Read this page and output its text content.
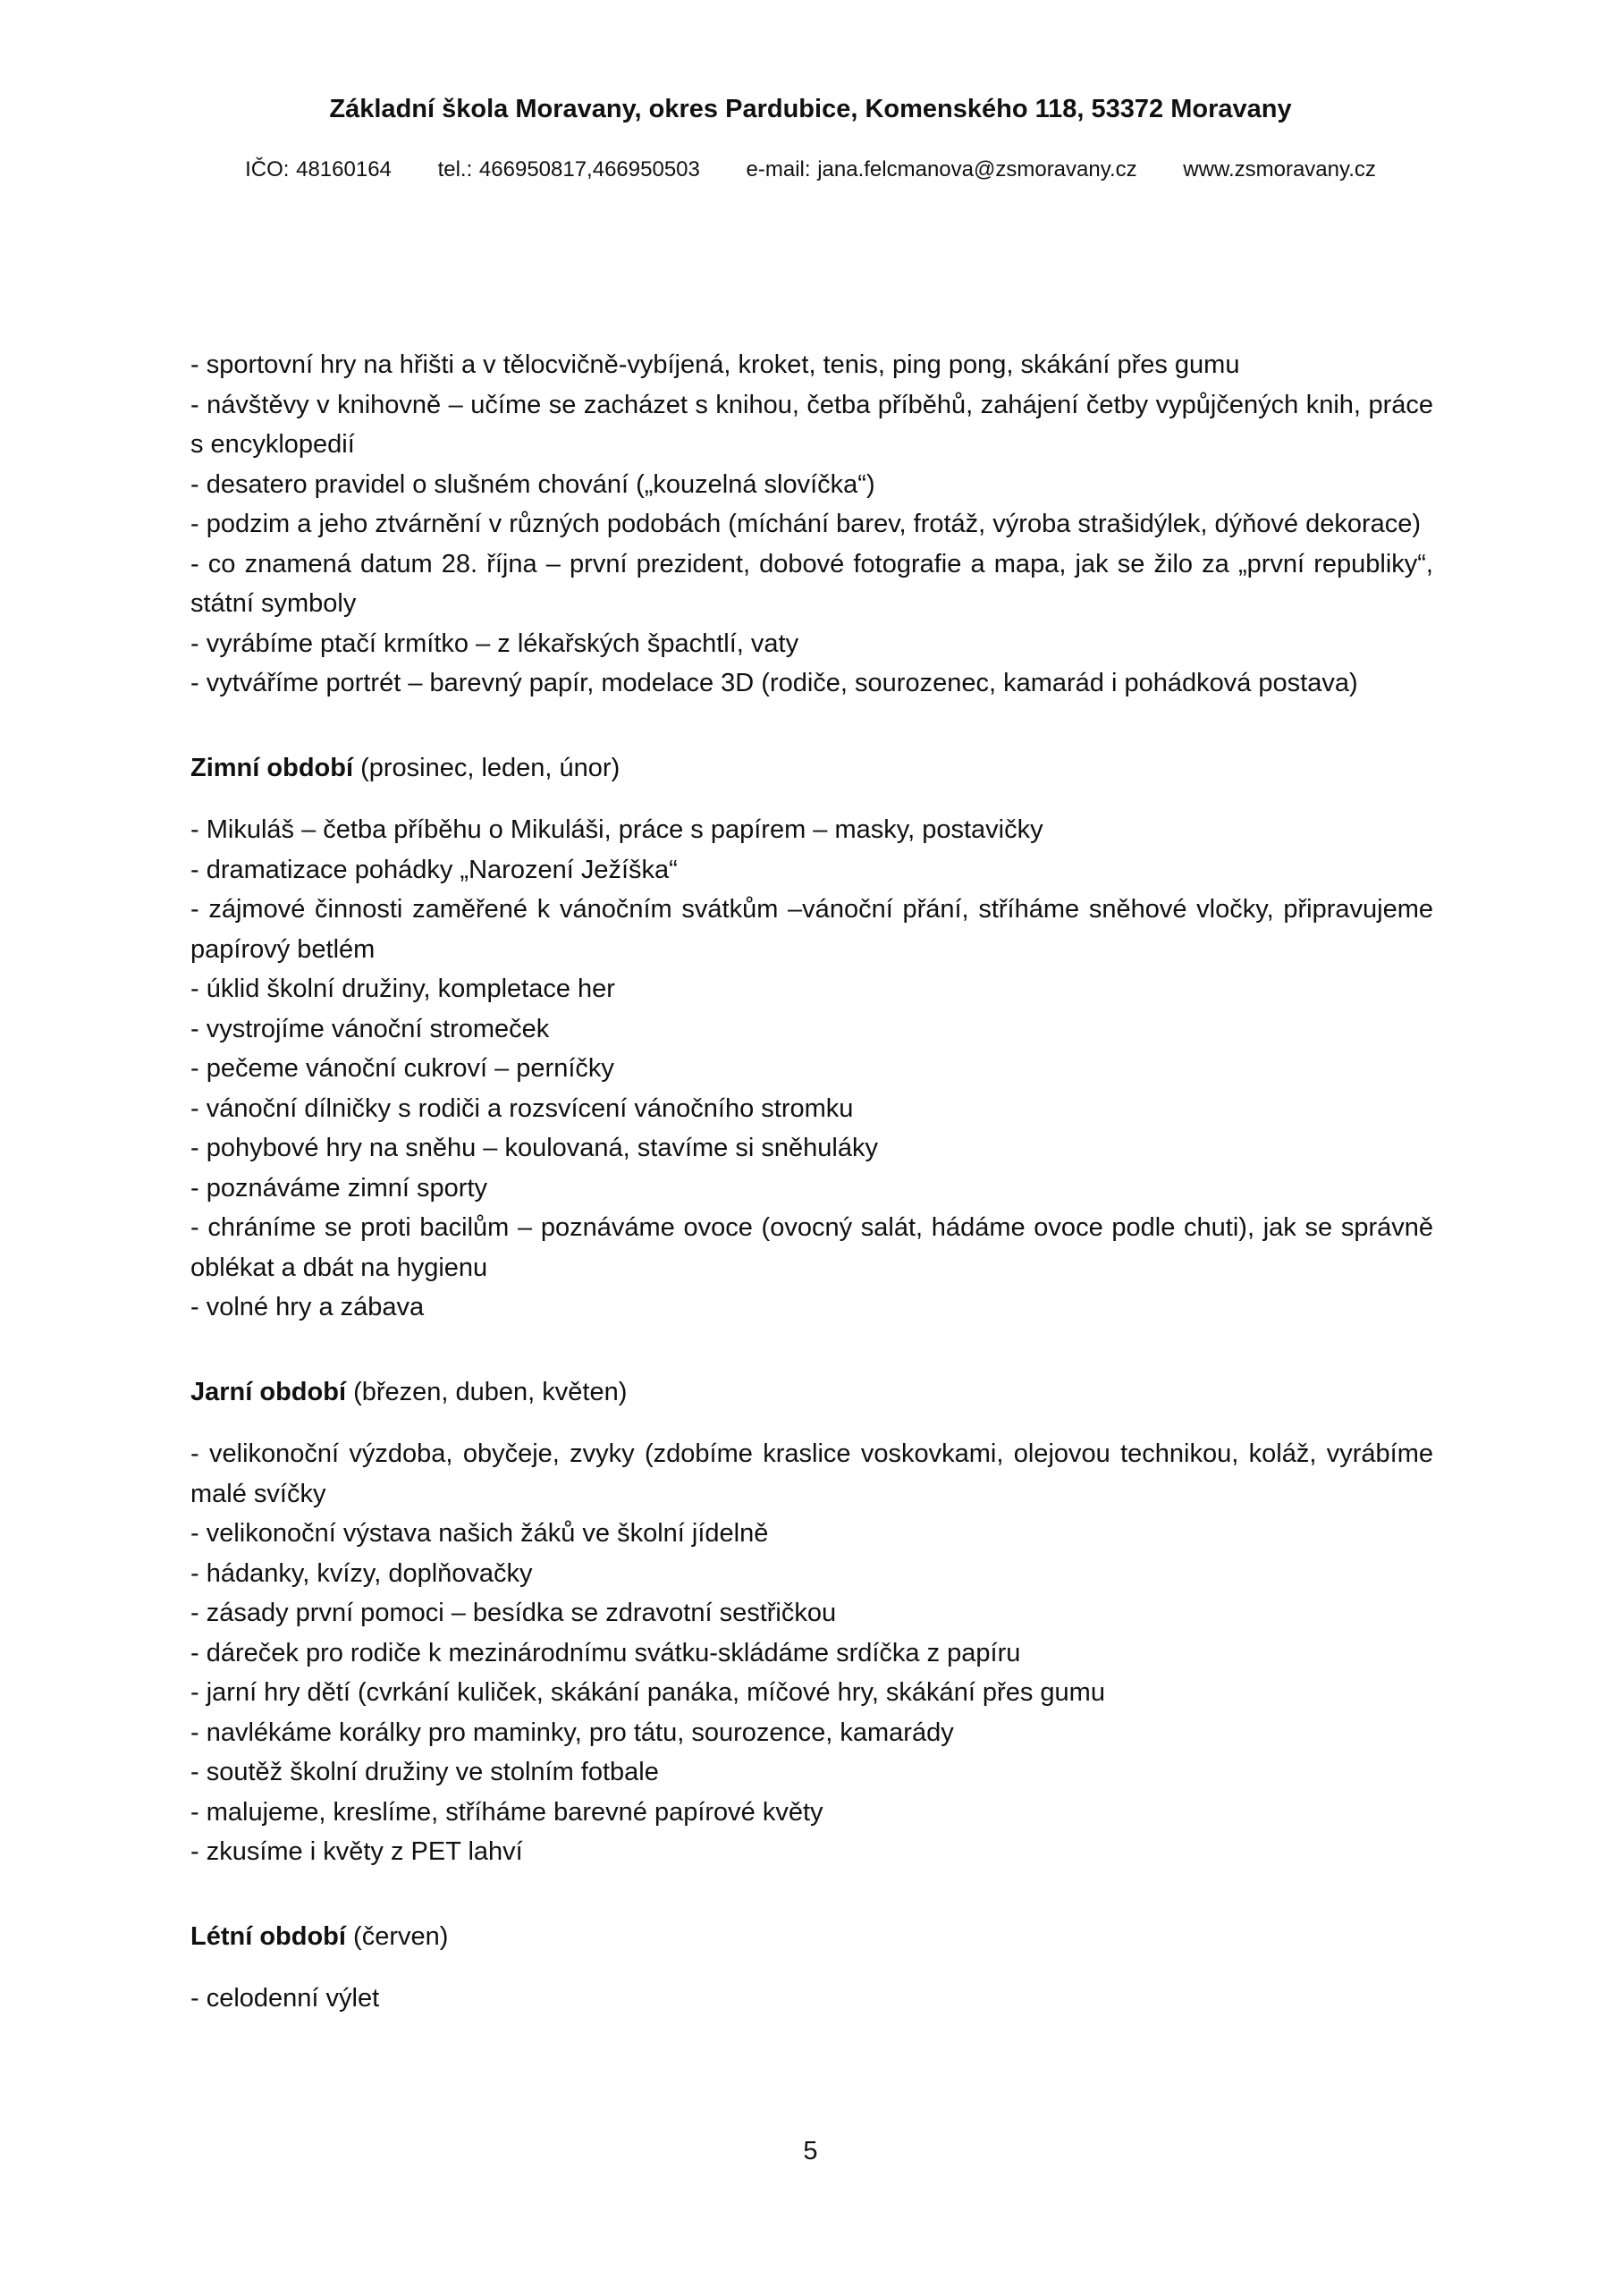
Základní škola Moravany, okres Pardubice, Komenského 118, 53372 Moravany
IČO: 48160164 tel.: 466950817,466950503 e-mail: jana.felcmanova@zsmoravany.cz www.zsmoravany.cz

- sportovní hry na hřišti a v tělocvičně-vybíjená, kroket, tenis, ping pong, skákání přes gumu

- návštěvy v knihovně – učíme se zacházet s knihou, četba příběhů, zahájení četby vypůjčených knih, práce s encyklopedií

- desatero pravidel o slušném chování („kouzelná slovíčka“)

- podzim a jeho ztvárnění v různých podobách (míchání barev, frotáž, výroba strašidýlek, dýňové dekorace)

- co znamená datum 28. října – první prezident, dobové fotografie a mapa, jak se žilo za „první republiky“, státní symboly

- vyrábíme ptačí krmítko – z lékařských špachtlí, vaty

- vytváříme portrét – barevný papír, modelace 3D (rodiče, sourozenec, kamarád i pohádková postava)

Zimní období (prosinec, leden, únor)

- Mikuláš – četba příběhu o Mikuláši, práce s papírem – masky, postavičky

- dramatizace pohádky „Narození Ježíška“

- zájmové činnosti zaměřené k vánočním svátkům –vánoční přání, stříháme sněhové vločky, připravujeme papírový betlém

- úklid školní družiny, kompletace her

- vystrojíme vánoční stromeček

- pečeme vánoční cukroví – perníčky

- vánoční dílničky s rodiči a rozsvícení vánočního stromku

- pohybové hry na sněhu – koulovaná, stavíme si sněhuláky

- poznáváme zimní sporty

- chráníme se proti bacilům – poznáváme ovoce (ovocný salát, hádáme ovoce podle chuti), jak se správně oblékat a dbát na hygienu

- volné hry a zábava

Jarní období (březen, duben, květen)

- velikonoční výzdoba, obyčeje, zvyky (zdobíme kraslice voskovkami, olejovou technikou, koláž, vyrábíme malé svíčky

- velikonoční výstava našich žáků ve školní jídelně

- hádanky, kvízy, doplňovačky

- zásady první pomoci – besídka se zdravotní sestřičkou

- dáreček pro rodiče k mezinárodnímu svátku-skládáme srdíčka z papíru

- jarní hry dětí (cvrkání kuliček, skákání panáka, míčové hry, skákání přes gumu

- navlékáme korálky pro maminky, pro tátu, sourozence, kamarády

- soutěž školní družiny ve stolním fotbale

- malujeme, kreslíme, stříháme barevné papírové květy

- zkusíme i květy z PET lahví

Létní období (červen)

- celodenní výlet

5
